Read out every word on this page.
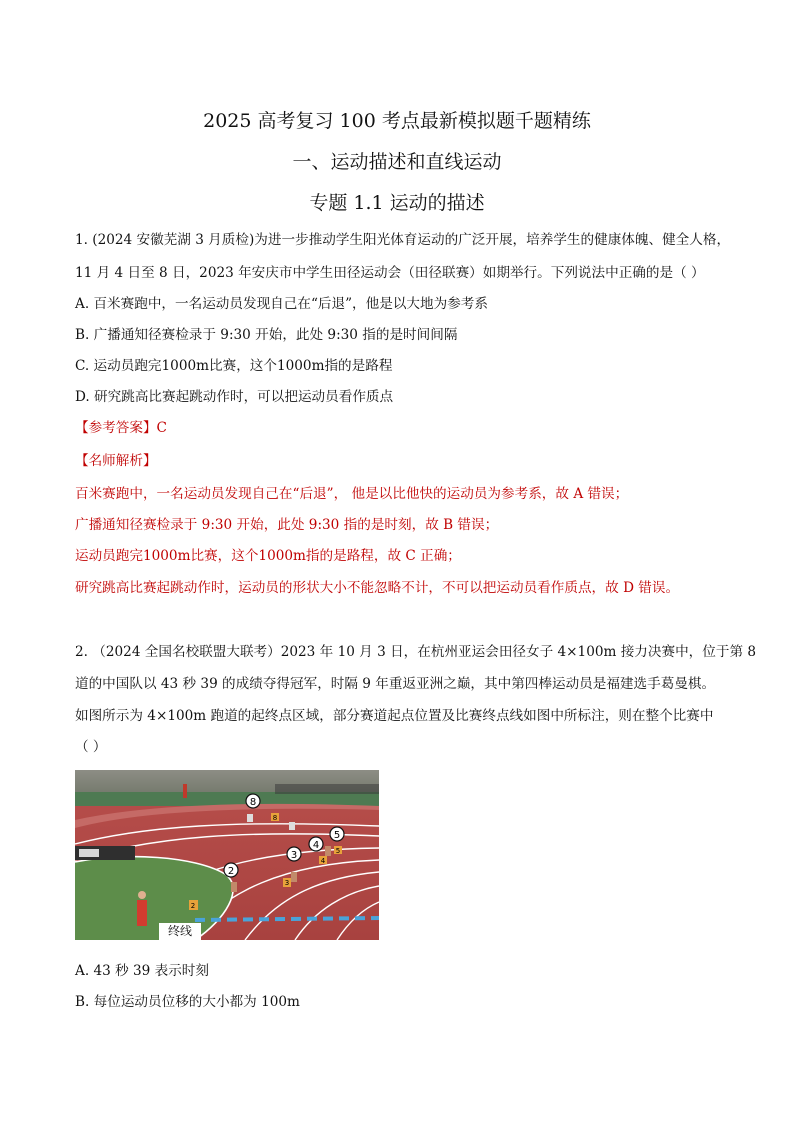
2025 高考复习 100 考点最新模拟题千题精练
一、运动描述和直线运动
专题 1.1 运动的描述
1. (2024 安徽芜湖 3 月质检)为进一步推动学生阳光体育运动的广泛开展，培养学生的健康体魄、健全人格，
11 月 4 日至 8 日，2023 年安庆市中学生田径运动会（田径联赛）如期举行。下列说法中正确的是（ ）
A. 百米赛跑中，一名运动员发现自己在“后退”，他是以大地为参考系
B. 广播通知径赛检录于 9:30 开始，此处 9:30 指的是时间间隔
C. 运动员跑完1000m比赛，这个1000m指的是路程
D. 研究跳高比赛起跳动作时，可以把运动员看作质点
【参考答案】C
【名师解析】
百米赛跑中，一名运动员发现自己在“后退”， 他是以比他快的运动员为参考系，故 A 错误；
广播通知径赛检录于 9:30 开始，此处 9:30 指的是时刻，故 B 错误；
运动员跑完1000m比赛，这个1000m指的是路程，故 C 正确；
研究跳高比赛起跳动作时，运动员的形状大小不能忽略不计，不可以把运动员看作质点，故 D 错误。
2. （2024 全国名校联盟大联考）2023 年 10 月 3 日，在杭州亚运会田径女子 4×100m 接力决赛中，位于第 8
道的中国队以 43 秒 39 的成绩夺得冠军，时隔 9 年重返亚洲之巅，其中第四棒运动员是福建选手葛曼棋。
如图所示为 4×100m 跑道的起终点区域，部分赛道起点位置及比赛终点线如图中所标注，则在整个比赛中
（ ）
8
5
4
3
2
8
5
4
3
2
终线
A. 43 秒 39 表示时刻
B. 每位运动员位移的大小都为 100m
